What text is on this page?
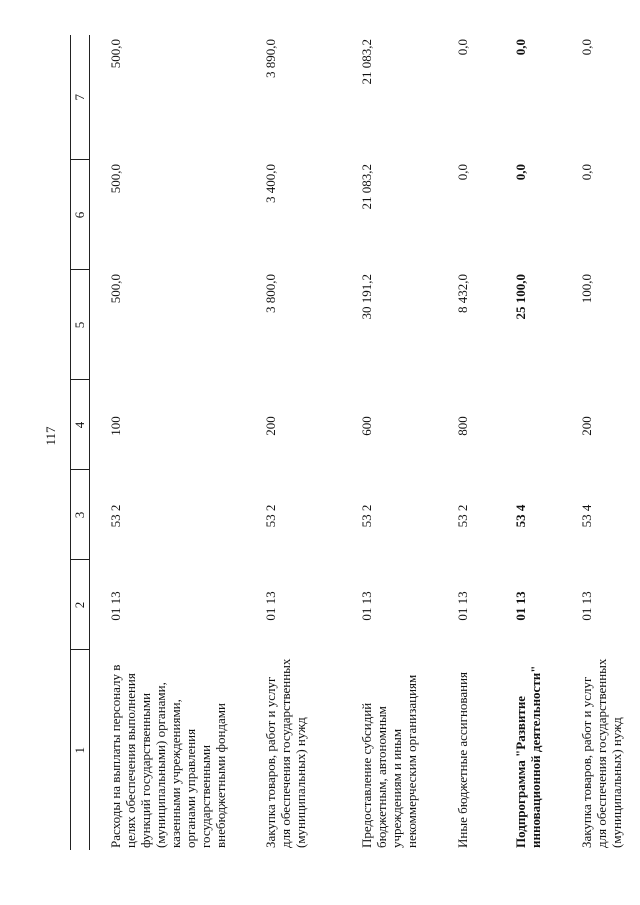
117
1	2	3	4	5	6	7
Расходы на выплаты персоналу в целях обеспечения выполнения функций государственными (муниципальными) органами, казенными учреждениями, органами управления государственными внебюджетными фондами	01 13	53 2	100	500,0	500,0	500,0
Закупка товаров, работ и услуг для обеспечения государственных (муниципальных) нужд	01 13	53 2	200	3 800,0	3 400,0	3 890,0
Предоставление субсидий бюджетным, автономным учреждениям и иным некоммерческим организациям	01 13	53 2	600	30 191,2	21 083,2	21 083,2
Иные бюджетные ассигнования	01 13	53 2	800	8 432,0	0,0	0,0
Подпрограмма "Развитие инновационной деятельности"	01 13	53 4		25 100,0	0,0	0,0
Закупка товаров, работ и услуг для обеспечения государственных (муниципальных) нужд	01 13	53 4	200	100,0	0,0	0,0
